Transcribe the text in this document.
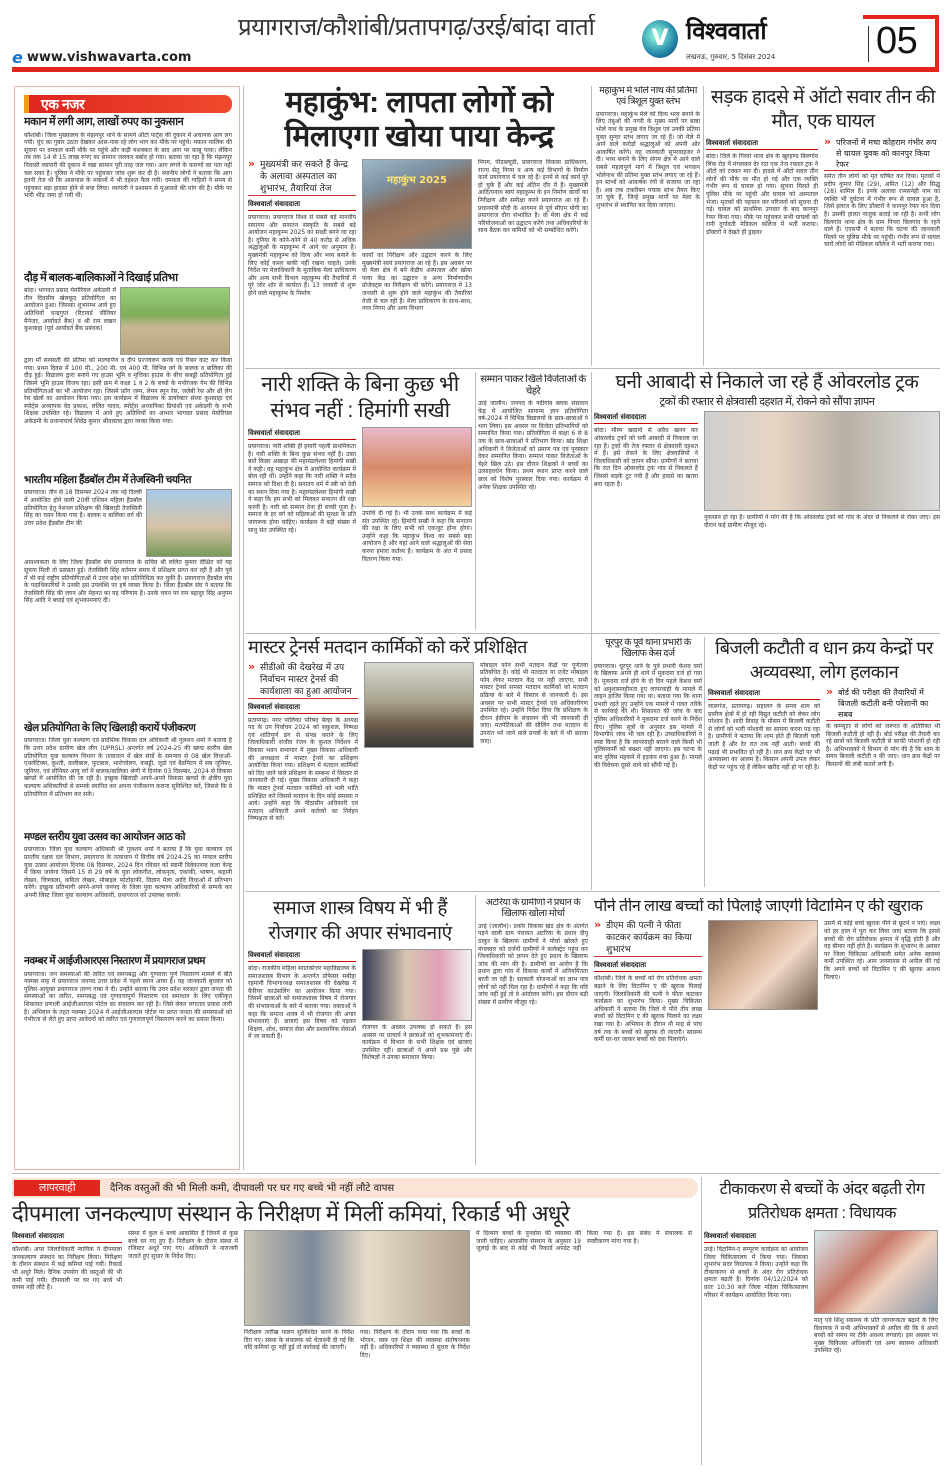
प्रयागराज/कौशांबी/प्रतापगढ़/उरई/बांदा वार्ता
e www.vishwavarta.com
V विश्ववार्ता
लखनऊ, गुरुवार, 5 दिसंबर 2024	05
एक नजर
मकान में लगी आग, लाखों रुपए का नुकसान
कौशांबी। जिला मुख्यालय के मंझनपुर थाने के सामने ऑटो पार्ट्स की दुकान में अचानक आग लग गयी। धुंए का गुबार उठता देखकर आस-पास रहे लोग भाग कर मौके पर पहुंचे। मकान मालिक की सूचना पर दमकल कर्मी मौके पर पहुंचे और कड़ी मशक्कत के बाद आग पर काबू पाया। लेकिन तब तक 14 से 15 लाख रुपए का सामान जलकर बर्बाद हो गया। बताया जा रहा है कि मंझनपुर निवासी व्यापारी की दुकान में रखा सामान पूरी तरह जल गया। आग लगने के कारणों का पता नहीं चल सका है। पुलिस ने मौके पर पहुंचकर जांच शुरू कर दी है। स्थानीय लोगों ने बताया कि आग इतनी तेज थी कि आसपास के मकानों में भी दहशत फैल गयी। दमकल की गाड़ियों ने समय से पहुंचकर बड़ा हादसा होने से बचा लिया। व्यापारी ने प्रशासन से मुआवजे की मांग की है। मौके पर भारी भीड़ जमा हो गयी थी।
दौड़ में बालक-बालिकाओं ने दिखाई प्रतिभा
बांदा। भागवत प्रसाद मेमोरियल अकेडमी में तीन दिवसीय खेलकूद प्रतियोगिता का आयोजन हुआ। जिसका शुभारम्भ आये हुए अतिथियों चन्द्रगुप्त (रिटायर्ड सीनियर मैनेजर, आर्यावर्त बैंक) व श्री राम लखन कुशवाहा (पूर्व आर्यावर्त बैंक प्रबंधक)
द्वारा माँ सरस्वती की प्रतिमा को माल्यार्पण व दीप प्रज्ज्वलन करके एवं रिबन काट कर किया गया। प्रथम दिवस में 100 मी., 200 मी. एवं 400 मी. विभिन्न वर्ग के बालक व बालिका की दौड़ हुई। विद्यालय द्वारा बनाये गए हाउस भूमि व मृत्तिका हाउस के बीच कबड्डी प्रतियोगिता हुई जिसमे भूमि हाउस विजय रहा। इसी क्रम में कक्षा 1 व 2 के बच्चो के मनोरंजक गेम की विभिन्न प्रतियोगिताओं का भी आयोजन रहा। जिसमे फ्रॉग जम्प, लेमन स्पून रेस, जलेबी रेस और थ्री लेग रेस खेलों का आयोजन किया गया। इस कार्यक्रम में विद्यालय के डायरेक्टर संध्या कुशवाहा एवं स्पोर्ट्स अध्यापक वेद प्रकाश, ललित यादव, स्पोर्ट्स अध्यापिका प्रियांशी एवं अकेडमी के सभी शिक्षक उपस्थित रहे। विद्यालय में आये हुए अतिथियों का आभार भागवत प्रसाद मेमोरियल अकेडमी के प्रधानाचार्य शिवेंद्र कुमार श्रीवास्तव द्वारा व्यक्त किया गया।
भारतीय महिला हैंडबॉल टीम में तेजस्विनी चयनित
प्रयागराज। तीन से 18 दिसम्बर 2024 तक नई दिल्ली में आयोजित होने वाली 20वीं एशियन महिला हैंडबॉल प्रतियोगिता हेतु नेशनल प्रशिक्षण की खिलाड़ी तेजस्विनी सिंह का चयन किया गया है। बालक व बालिका वर्ग की उत्तर प्रदेश हैंडबॉल टीम की
आवश्यकता के लिए जिला हैंडबॉल संघ प्रयागराज के सचिव श्री ललित कुमार दीक्षित को यह सूचना मिली तो प्रसन्नता हुई। तेजस्विनी सिंह वर्तमान समय में प्रशिक्षण प्राप्त कर रही हैं और पूर्व में भी कई राष्ट्रीय प्रतियोगिताओं में उत्तर प्रदेश का प्रतिनिधित्व कर चुकी हैं। प्रयागराज हैंडबॉल संघ के पदाधिकारियों ने उनकी इस उपलब्धि पर हर्ष व्यक्त किया है। जिला हैंडबॉल संघ ने बताया कि तेजस्विनी सिंह की लगन और मेहनत का यह परिणाम है। उनके चयन पर राम बहादुर सिंह अनुपम सिंह आदि ने बधाई एवं शुभकामनाएं दी।
खेल प्रतियोगिता के लिए खिलाड़ी करायें पंजीकरण
प्रयागराज। जिला युवा कल्याण एवं प्रादेशिक विकास दल अधिकारी श्री गुलशन शर्मा ने बताया है कि उत्तर प्रदेश ग्रामीण खेल लीग (UPRSL) अन्तर्गत वर्ष 2024-25 की खण्ड स्तरीय खेल प्रतियोगिता युवा कल्याण विभाग के तत्वाधान में खेल संघों के समन्वय से 08 खेल विधाओं-एथलेटिक्स, कुश्ती, वालीबाल, फुटबाल, भारोत्तोलन, कबड्डी, जूडो एवं बैडमिंटन में सब जूनियर, जूनियर, एवं सीनियर आयु वर्ग में बालक/बालिका श्रेणी में दिनांक 03 दिसम्बर, 2024 से विकास खण्डों में आयोजित की जा रही है। इच्छुक खिलाड़ी अपने-अपने विकास खण्डों के क्षेत्रीय युवा कल्याण अधिकारियों से सम्पर्क स्थापित कर अपना पंजीकरण कराना सुनिश्चित करें, जिससे कि वे प्रतियोगिता में प्रतिभाग कर सकें।
मण्डल स्तरीय युवा उत्सव का आयोजन आठ को
प्रयागराज। जिला युवा कल्याण अधिकारी श्री गुलशन शर्मा ने बताया है कि युवा कल्याण एवं प्रान्तीय रक्षक दल विभाग, प्रयागराज के तत्वाधान में वित्तीय वर्ष 2024-25 का मण्डल स्तरीय युवा उत्सव आयोजन दिनांक 08 दिसम्बर, 2024 दिन रविवार को स्वामी विवेकानन्द कला केन्द्र में किया जायेगा जिसमें 15 से 29 वर्ष के युवा लोकगीत, लोकनृत्य, एकांकी, भाषण, कहानी लेखन, चित्रकला, कविता लेखन, मोबाइल फोटोग्राफी, विज्ञान मेला आदि विधाओं में प्रतिभाग करेंगे। इच्छुक प्रतिभागी अपने-अपने जनपद के जिला युवा कल्याण अधिकारियों से सम्पर्क कर अपनी लिस्ट जिला युवा कल्याण अधिकारी, प्रयागराज को उपलब्ध करायें।
नवम्बर में आईजीआरएस निस्तारण में प्रयागराज प्रथम
प्रयागराज। जन समस्याओं की त्वरित एवं समयबद्ध और गुणवत्ता पूर्ण निस्तारण मामले में बीते नवम्बर माह में प्रयागराज जनपद उत्तर प्रदेश में पहले स्थान आया है। यह जानकारी बुधवार को पुलिस आयुक्त प्रयागराज तरुण गाबा ने दी। उन्होंने बताया कि उत्तर प्रदेश सरकार द्वारा जनता की समस्याओं का त्वरित, समयबद्ध एवं गुणवत्तापूर्ण निस्तारण एवं समाधान के लिए एकीकृत शिकायत प्रणाली आईजीआरएस पोर्टल का संचालन कर रही है। जिसे लेकर लगातार प्रयास जारी है। अभियान के तहत नवम्बर 2024 में आईजीआरएस पोर्टल पर प्राप्त जनता की समस्याओं को गंभीरता से लेते हुए प्राप्त आवेदनों को त्वरित एवं गुणवत्तापूर्ण निस्तारण करने का प्रयास किया।
महाकुंभ: लापता लोगों को मिलाएगा खोया पाया केन्द्र
» मुख्यमंत्री कर सकते हैं केन्द्र के अलावा अस्पताल का शुभारंभ, तैयारियां तेज
विश्ववार्ता संवाददाता
प्रयागराज। प्रयागराज विश्व से सबसे बड़े मानवीय समागम और सनातन संस्कृति के सबसे बड़े आयोजन महाकुम्भ 2025 का साक्षी बनने जा रहा है। दुनिया के कोने-कोने से 40 करोड़ से अधिक श्रद्धालुओं के महाकुम्भ में आने का अनुमान है। मुख्यमंत्री महाकुम्भ को दिव्य और भव्य बनाने के लिए कोई कसर बाकी नहीं रखना चाहते। उनके निर्देश पर मेलाधिकारी के मुताबिक मेला प्राधिकरण और अन्य सभी विभाग महाकुम्भ की तैयारियों में पूरे जोर शोर से कार्यरत हैं। 13 जनवरी से शुरू होने वाले महाकुम्भ के निर्माण
महाकुंभ 2025
कार्यों का निरीक्षण और उद्घाटन करने के लिए मुख्यमंत्री स्वयं प्रयागराज आ रहे हैं। इस अवसर पर वो मेला क्षेत्र में बने केंद्रीय अस्पताल और खोया पाया केंद्र का उद्घाटन व अन्य निर्माणाधीन प्रोजेक्ट्स का निरीक्षण भी करेंगे। प्रयागराज में 13 जनवरी से शुरू होने वाले महाकुंभ की तैयारियां तेजी से चल रही हैं। मेला प्राधिकरण के साथ-साथ, नगर निगम और अन्य विभाग
निगम, पीडब्ल्यूडी, प्रयागराज विकास प्राधिकरण, राज्य सेतु निगम व अन्य कई विभागों के निर्माण कार्य प्रयागराज में चल रहे हैं। इनमें से कई कार्य पूरे हो चुके हैं और कई अंतिम दौर में हैं। मुख्यमंत्री आदित्यनाथ स्वयं महाकुम्भ के इन निर्माण कार्यों का निरीक्षण और समीक्षा करने प्रयागराज आ रहे हैं। प्रधानमंत्री मोदी के आगमन से पूर्व सीएम योगी का प्रयागराज दौरा संभावित है। वो मेला क्षेत्र में कई परियोजनाओं का उद्घाटन करेंगे तथा अधिकारियों के साथ बैठक कर कमियों को भी सम्बोधित करेंगे।
महाकुंभ में भोले नाथ की प्रतिमा एवं त्रिशूल युक्त स्तंभ
प्रयागराज। महाकुंभ मेले को दिव्य भव्य बनाने के लिए तंबुओं की नगरी के मुख्य मार्गों पर बाबा भोले नाथ के प्रमुख यंत्र त्रिशूल एवं उनकी प्रतिमा युक्त सुन्दर स्तंभ लगाए जा रहे हैं। जो मेले में आने वाले करोड़ों श्रद्धालुओं को अपनी ओर आकर्षित करेंगे। यह जानकारी सुपरवाइजर ने दी। भव्य बनाने के लिए संगम क्षेत्र में आने वाले सबसे महत्वपूर्ण मार्ग में त्रिशूल एवं भगवान भोलेनाथ की प्रतिमा युक्त स्तंभ लगाए जा रहे हैं। इन स्तंभों को आकर्षक रंगों से सजाया जा रहा है। अब तक तकरीबन पचास स्तंभ तैयार किए जा चुके हैं, जिन्हे प्रमुख मार्गों पर मेला के शुभारंभ से स्थापित कर दिया जाएगा।
सड़क हादसे में ऑटो सवार तीन की मौत, एक घायल
विश्ववार्ता संवाददाता
बांदा। जिले के गिरवां थाना क्षेत्र के खुरहण्ड बिलगांव लिंक रोड में मंगलवार देर रात एक तेज रफ्तार ट्रक ने ऑटो को टक्कर मार दी। हादसे में ऑटो सवार तीन लोगों की मौके पर मौत हो गई और एक व्यक्ति गंभीर रूप से घायल हो गया। सूचना मिलते ही पुलिस मौके पर पहुंची और घायल को अस्पताल भेजा। मृतकों की पहचान कर परिजनों को सूचना दी गई। घायल को प्राथमिक उपचार के बाद कानपुर रेफर किया गया। मौके पर पहुंचकर सभी घायलों को रानी दुर्गावती मेडिकल कॉलेज में भर्ती कराया। डॉक्टरों ने देखते ही ड्राइवर
» परिजनों में मचा कोहराम गंभीर रूप से घायल युवक को कानपुर किया रेफर
समेत तीन लोगों को मृत घोषित कर दिया। मृतकों में प्रदीप कुमार सिंह (29), अमित (12) और सिद्धू (28) शामिल हैं। इनके अलावा रामसनेही नाम का व्यक्ति भी दुर्घटना में गंभीर रूप से घायल हुआ है, जिसे इलाज के लिए डॉक्टरों ने कानपुर रेफर कर दिया है। उसकी हालत नाजुक बताई जा रही है। सभी लोग बिलगांव थाना क्षेत्र के ग्राम पिपरा बिलगांव के रहने वाले हैं। एएसपी ने बताया कि घटना की जानकारी मिलने पर पुलिस मौके पर पहुंची। गंभीर रूप से घायल चारों लोगों को मेडिकल कॉलेज में भर्ती कराया गया।
नारी शक्ति के बिना कुछ भी संभव नहीं : हिमांगी सखी
विश्ववार्ता संवाददाता
प्रयागराज। नारी शक्ति ही हमारी पहली प्राथमिकता है। नारी शक्ति के बिना कुछ संभव नहीं है। उक्त बातें किन्नर अखाड़ा की महामंडलेश्वर हिमांगी सखी ने कही। वह महाकुंभ क्षेत्र में आयोजित कार्यक्रम में बोल रही थीं। उन्होंने कहा कि नारी शक्ति ने सदैव समाज को दिशा दी है। सनातन धर्म में स्त्री को देवी का स्थान दिया गया है। महामंडलेश्वर हिमांगी सखी ने कहा कि हम सभी को मिलकर सनातन की रक्षा करनी है। नारी को सम्मान देना ही सच्ची पूजा है। समाज के हर वर्ग को महिलाओं की सुरक्षा के प्रति जागरूक होना चाहिए। कार्यक्रम में बड़ी संख्या में साधु संत उपस्थित रहे।
उपाधि दी गई है। भी उनके साथ कार्यक्रम में कई संत उपस्थित रहे। हिमांगी सखी ने कहा कि सनातन की रक्षा के लिए सभी को एकजुट होना होगा। उन्होंने कहा कि महाकुंभ विश्व का सबसे बड़ा आयोजन है और यहां आने वाले श्रद्धालुओं की सेवा करना हमारा कर्तव्य है। कार्यक्रम के अंत में प्रसाद वितरण किया गया।
सम्मान पाकर खिले विजेताओं के चेहरे
उरई जालौन। जनपद के नदीगांव ब्लाक संसाधन केंद्र में आयोजित सामान्य ज्ञान प्रतियोगिता वर्ष-2024 में विभिन्न विद्यालयों के छात्र-छात्राओं ने भाग लिया। इस अवसर पर विजेता प्रतिभागियों को सम्मानित किया गया। प्रतियोगिता में कक्षा 6 से 8 तक के छात्र-छात्राओं ने प्रतिभाग किया। खंड शिक्षा अधिकारी ने विजेताओं को प्रमाण पत्र एवं पुरस्कार देकर सम्मानित किया। सम्मान पाकर विजेताओं के चेहरे खिल उठे। इस दौरान शिक्षकों ने बच्चों का उत्साहवर्धन किया। प्रथम स्थान प्राप्त करने वाले छात्र को विशेष पुरस्कार दिया गया। कार्यक्रम में अनेक शिक्षक उपस्थित रहे।
घनी आबादी से निकाले जा रहे हैं ओवरलोड ट्रक
ट्रकों की रफ्तार से क्षेत्रवासी दहशत में, रोकने को सौंपा ज्ञापन
विश्ववार्ता संवाददाता
बांदा। मौरम खदानों से अवैध खनन कर ओवरलोड ट्रकों को घनी आबादी से निकाला जा रहा है। ट्रकों की तेज रफ्तार से क्षेत्रवासी दहशत में हैं। इसे रोकने के लिए क्षेत्रवासियों ने जिलाधिकारी को ज्ञापन सौंपा। ग्रामीणों ने बताया कि रात दिन ओवरलोड ट्रक गांव से निकलते हैं जिससे सड़कें टूट गयी हैं और हादसे का खतरा बना रहता है।
नुकसान हो रहा है। ग्रामीणों ने मांग की है कि ओवरलोड ट्रकों को गांव के अंदर से निकलने से रोका जाए। इस दौरान कई ग्रामीण मौजूद रहे।
मास्टर ट्रेनर्स मतदान कार्मिकों को करें प्रशिक्षित
» सीडीओ की देखरेख में उप निर्वाचन मास्टर ट्रेनर्स की कार्यशाला का हुआ आयोजन
विश्ववार्ता संवाददाता
प्रतापगढ़। नगर पालिका परिषद बेल्हा के अध्यक्ष पद के उप निर्वाचन 2024 को सकुशल, निष्पक्ष एवं शांतिपूर्ण ढंग से संपन्न कराने के लिए जिलाधिकारी संजीव रंजन के कुशल निर्देशन में विकास भवन सभागार में मुख्य विकास अधिकारी की अध्यक्षता में मास्टर ट्रेनर्स का प्रशिक्षण आयोजित किया गया। प्रशिक्षण में मतदान कार्मिकों को दिए जाने वाले प्रशिक्षण के सम्बन्ध में विस्तार से जानकारी दी गई। मुख्य विकास अधिकारी ने कहा कि मास्टर ट्रेनर्स मतदान कार्मिकों को भली भांति प्रशिक्षित करें जिससे मतदान के दिन कोई समस्या न आये। उन्होंने कहा कि पीठासीन अधिकारी एवं मतदान अधिकारी अपने कर्तव्यों का निर्वहन निष्पक्षता से करें।
मोबाइल फोन सभी मतदान केंद्रों पर पूर्णतया प्रतिबंधित है। कोई भी मतदाता या एजेंट मोबाइल फोन लेकर मतदान केंद्र पर नहीं जाएगा, सभी मास्टर ट्रेनर्स समस्त मतदान कार्मिकों को मतदान प्रक्रिया के बारे में विस्तार से जानकारी दें। इस अवसर पर सभी मास्टर ट्रेनर्स एवं अधिकारीगण उपस्थित रहे। उन्होंने निर्देश दिया कि प्रशिक्षण के दौरान ईवीएम के संचालन की भी जानकारी दी जाए। मतपेटिकाओं की सीलिंग तथा मतदान के उपरांत भरे जाने वाले प्रपत्रों के बारे में भी बताया जाए।
घूरपुर के पूर्व थाना प्रभारी के खिलाफ केस दर्ज
प्रयागराज। घूरपुर थाने के पूर्व प्रभारी केशव वर्मा के खिलाफ अपने ही थाने में मुकदमा दर्ज हो गया है। मुकदमा दर्ज होने के दो दिन पहले केशव वर्मा को अनुशासनहीनता हुए लापरवाही के मामले में लाइन हाजिर किया गया था। बताया गया कि थाना प्रभारी रहते हुए उन्होंने एक मामले में गलत तरीके से कार्रवाई की थी। शिकायत की जांच के बाद पुलिस अधिकारियों ने मुकदमा दर्ज करने के निर्देश दिए। पुलिस सूत्रों के अनुसार इस मामले में विभागीय जांच भी चल रही है। उच्चाधिकारियों ने स्पष्ट किया है कि लापरवाही बरतने वाले किसी भी पुलिसकर्मी को बख्शा नहीं जाएगा। इस घटना के बाद पुलिस महकमे में हड़कंप मचा हुआ है। मामले की विवेचना दूसरे थाने को सौंपी गई है।
बिजली कटौती व धान क्रय केन्द्रों पर अव्यवस्था, लोग हलकान
विश्ववार्ता संवाददाता
लालगंज, प्रतापगढ़। सहालग के समय शाम को ग्रामीण क्षेत्रों में हो रही विद्युत कटौती को लेकर लोग परेशान हैं। शादी विवाह के मौसम में बिजली कटौती से लोगों को भारी परेशानी का सामना करना पड़ रहा है। ग्रामीणों ने बताया कि शाम होते ही बिजली चली जाती है और देर रात तक नहीं आती। बच्चों की पढ़ाई भी प्रभावित हो रही है। धान क्रय केंद्रों पर भी अव्यवस्था का आलम है। किसान अपनी उपज लेकर केंद्रों पर पहुंच रहे हैं लेकिन खरीद नहीं हो पा रही है।
» बोर्ड की परीक्षा की तैयारियों में बिजली कटौती बनी परेशानी का सबब
के कम्प्यूटर से लोगों को जरूरत के अतिरिक्त भी बिजली कटौती हो रही है। बोर्ड परीक्षा की तैयारी कर रहे छात्रों को बिजली कटौती से काफी परेशानी हो रही है। अभिभावकों ने विभाग से मांग की है कि शाम के समय बिजली कटौती न की जाए। धान क्रय केंद्रों पर किसानों की लंबी कतारें लगी हैं।
समाज शास्त्र विषय में भी हैं रोजगार की अपार संभावनाएं
विश्ववार्ता संवाददाता
बांदा। राजकीय महिला स्नातकोत्तर महाविद्यालय के समाजशास्त्र विभाग के अन्तर्गत प्रोफेसर सबीहा रहमानी विभागाध्यक्ष समाजशास्त्र की देखरेख में कैरियर काउंसलिंग का आयोजन किया गया। जिसमें छात्राओं को समाजशास्त्र विषय में रोजगार की संभावनाओं के बारे में बताया गया। वक्ताओं ने कहा कि समाज शास्त्र में भी रोजगार की अपार संभावनाएं हैं। छात्राएं इस विषय को पढ़कर शिक्षण, शोध, समाज सेवा और प्रशासनिक सेवाओं में जा सकती हैं।
रोजगार के अवसर उपलब्ध हो सकते हैं। इस अवसर पर प्राचार्य ने छात्राओं को शुभकामनाएं दीं। कार्यक्रम में विभाग के सभी शिक्षक एवं छात्राएं उपस्थित रहीं। छात्राओं ने अपने प्रश्न पूछे और विशेषज्ञों ने उनका समाधान किया।
अटरिया के ग्रामीणों ने प्रधान के खिलाफ खोला मोर्चा
उरई (जालौन)। डकोर विकास खंड क्षेत्र के अंतर्गत पड़ने वाली ग्राम पंचायत अटरिया के प्रधान दीपू ठाकुर के खिलाफ ग्रामीणों ने मोर्चा खोलते हुए मंगलवार को दर्जनों ग्रामीणों ने कलेक्ट्रेट पहुंच कर जिलाधिकारी को ज्ञापन देते हुए प्रधान के खिलाफ जांच की मांग की है। ग्रामीणों का आरोप है कि प्रधान द्वारा गांव में विकास कार्यों में अनियमितता बरती जा रही है। सरकारी योजनाओं का लाभ पात्र लोगों को नहीं मिल रहा है। ग्रामीणों ने कहा कि यदि जांच नहीं हुई तो वे आंदोलन करेंगे। इस दौरान बड़ी संख्या में ग्रामीण मौजूद रहे।
पौने तीन लाख बच्चों को पिलाई जाएगी विटामिन ए की खुराक
» डीएम की पत्नी ने फीता काटकर कार्यक्रम का किया शुभारंभ
विश्ववार्ता संवाददाता
कौशांबी। जिले के बच्चों को रोग प्रतिरोधक क्षमता बढ़ाने के लिए विटामिन ए की खुराक पिलाई जाएगी। जिलाधिकारी की पत्नी ने फीता काटकर कार्यक्रम का शुभारंभ किया। मुख्य चिकित्सा अधिकारी ने बताया कि जिले में पौने तीन लाख बच्चों को विटामिन ए की खुराक पिलाने का लक्ष्य रखा गया है। अभियान के दौरान नौ माह से पांच वर्ष तक के बच्चों को खुराक दी जाएगी। स्वास्थ्य कर्मी घर-घर जाकर बच्चों को दवा पिलाएंगे।
उसमें से कोई बच्चे खुराक पीने से छूटने न पाएं। लक्ष्य को हर हाल में पूरा कर लिया जाए बताया कि इससे बच्चों की रोग प्रतिरोधक क्षमता में वृद्धि होती है और वह बीमार नहीं होते हैं। कार्यक्रम के शुभारंभ के अवसर पर जिला चिकित्सा अधिकारी समेत अनेक स्वास्थ्य कर्मी उपस्थित रहे। आम जनमानस से अपील की गई कि अपने बच्चों को विटामिन ए की खुराक अवश्य पिलाएं।
लापरवाही	दैनिक वस्तुओं की भी मिली कमी, दीपावली पर घर गए बच्चे भी नहीं लौटे वापस
दीपमाला जनकल्याण संस्थान के निरीक्षण में मिलीं कमियां, रिकार्ड भी अधूरे
विश्ववार्ता संवाददाता
कौशांबी। अपर जिलाधिकारी न्यायिक ने दीपमाला जनकल्याण संस्थान का निरीक्षण किया। निरीक्षण के दौरान संस्थान में कई कमियां पाई गयीं। रिकार्ड भी अधूरे मिले। दैनिक उपयोग की वस्तुओं की भी कमी पाई गयी। दीपावली पर घर गए बच्चे भी वापस नहीं लौटे हैं।
संस्था में कुल 6 बच्चे आवासित हैं जिनमें से कुछ बच्चे घर गए हुए हैं। निरीक्षण के दौरान संस्था में रजिस्टर अधूरे पाए गए। अधिकारी ने नाराजगी जताते हुए सुधार के निर्देश दिए।
निरीक्षण तारीख पालन सुनिश्चित करने के निर्देश दिए गए। संस्था के संचालक को चेतावनी दी गई कि यदि कमियां दूर नहीं हुई तो कार्रवाई की जाएगी।
गया। निरीक्षण के दौरान पाया गया कि बच्चों के भोजन, वस्त्र एवं शिक्षा की व्यवस्था संतोषजनक नहीं है। अधिकारियों ने व्यवस्था में सुधार के निर्देश दिए।
में दिव्यांग बच्चों के पुनर्वास की व्यवस्था की जानी चाहिए। आवासीय संस्थान के अनुसार 19 जुलाई के बाद से कोई भी रिकार्ड अपडेट नहीं किया गया है। इस संबंध में संचालक से स्पष्टीकरण मांगा गया है।
टीकाकरण से बच्चों के अंदर बढ़ती रोग प्रतिरोधक क्षमता : विधायक
विश्ववार्ता संवाददाता
उरई। विटामिन-ए सम्पूरण कार्यक्रम का आयोजन जिला चिकित्सालय में किया गया। जिसका शुभारंभ सदर विधायक ने किया। उन्होंने कहा कि टीकाकरण से बच्चों के अंदर रोग प्रतिरोधक क्षमता बढ़ती है। दिनांक 04/12/2024 को प्रातः 10:30 बजे जिला महिला चिकित्सालय परिसर में कार्यक्रम आयोजित किया गया।
मातृ एवं शिशु स्वास्थ्य के प्रति जागरूकता बढ़ाने के लिए विधायक ने सभी अभिभावकों से अपील की कि वे अपने बच्चों को समय पर टीके अवश्य लगवाएं। इस अवसर पर मुख्य चिकित्सा अधिकारी एवं अन्य स्वास्थ्य अधिकारी उपस्थित रहे।
